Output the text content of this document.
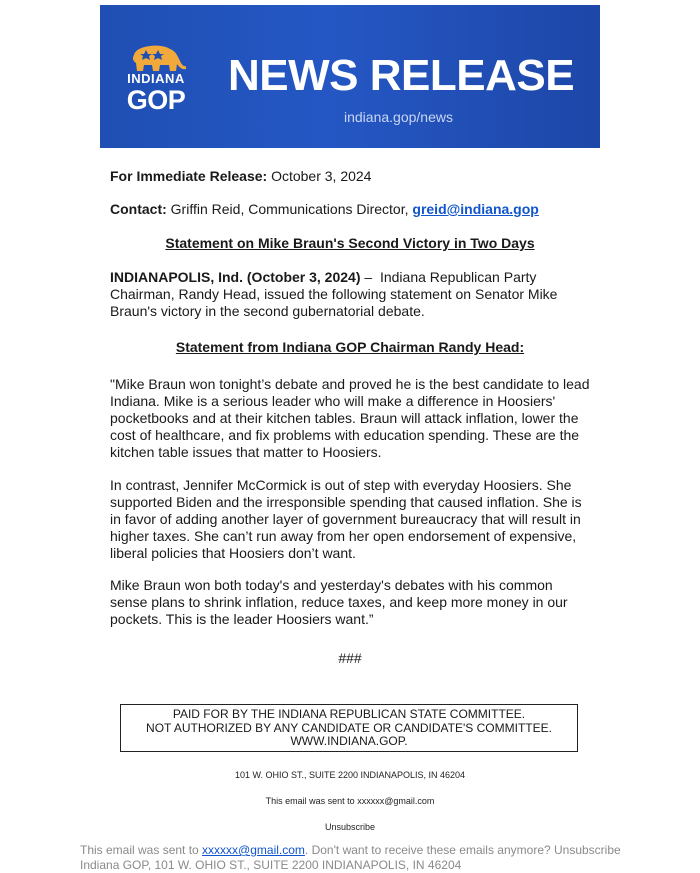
INDIANA
GOP NEWS RELEASE
indiana.gop/news
For Immediate Release: October 3, 2024
Contact: Griffin Reid, Communications Director, greid@indiana.gop
Statement on Mike Braun's Second Victory in Two Days
INDIANAPOLIS, Ind. (October 3, 2024) –  Indiana Republican Party
Chairman, Randy Head, issued the following statement on Senator Mike
Braun's victory in the second gubernatorial debate.
Statement from Indiana GOP Chairman Randy Head:
"Mike Braun won tonight’s debate and proved he is the best candidate to lead
Indiana. Mike is a serious leader who will make a difference in Hoosiers'
pocketbooks and at their kitchen tables. Braun will attack inflation, lower the
cost of healthcare, and fix problems with education spending. These are the
kitchen table issues that matter to Hoosiers.
In contrast, Jennifer McCormick is out of step with everyday Hoosiers. She
supported Biden and the irresponsible spending that caused inflation. She is
in favor of adding another layer of government bureaucracy that will result in
higher taxes. She can’t run away from her open endorsement of expensive,
liberal policies that Hoosiers don’t want.
Mike Braun won both today's and yesterday's debates with his common
sense plans to shrink inflation, reduce taxes, and keep more money in our
pockets. This is the leader Hoosiers want.”
###
PAID FOR BY THE INDIANA REPUBLICAN STATE COMMITTEE.
NOT AUTHORIZED BY ANY CANDIDATE OR CANDIDATE'S COMMITTEE.
WWW.INDIANA.GOP.
101 W. OHIO ST., SUITE 2200 INDIANAPOLIS, IN 46204
This email was sent to xxxxxx@gmail.com
Unsubscribe
This email was sent to xxxxxx@gmail.com. Don't want to receive these emails anymore? Unsubscribe
Indiana GOP, 101 W. OHIO ST., SUITE 2200 INDIANAPOLIS, IN 46204
